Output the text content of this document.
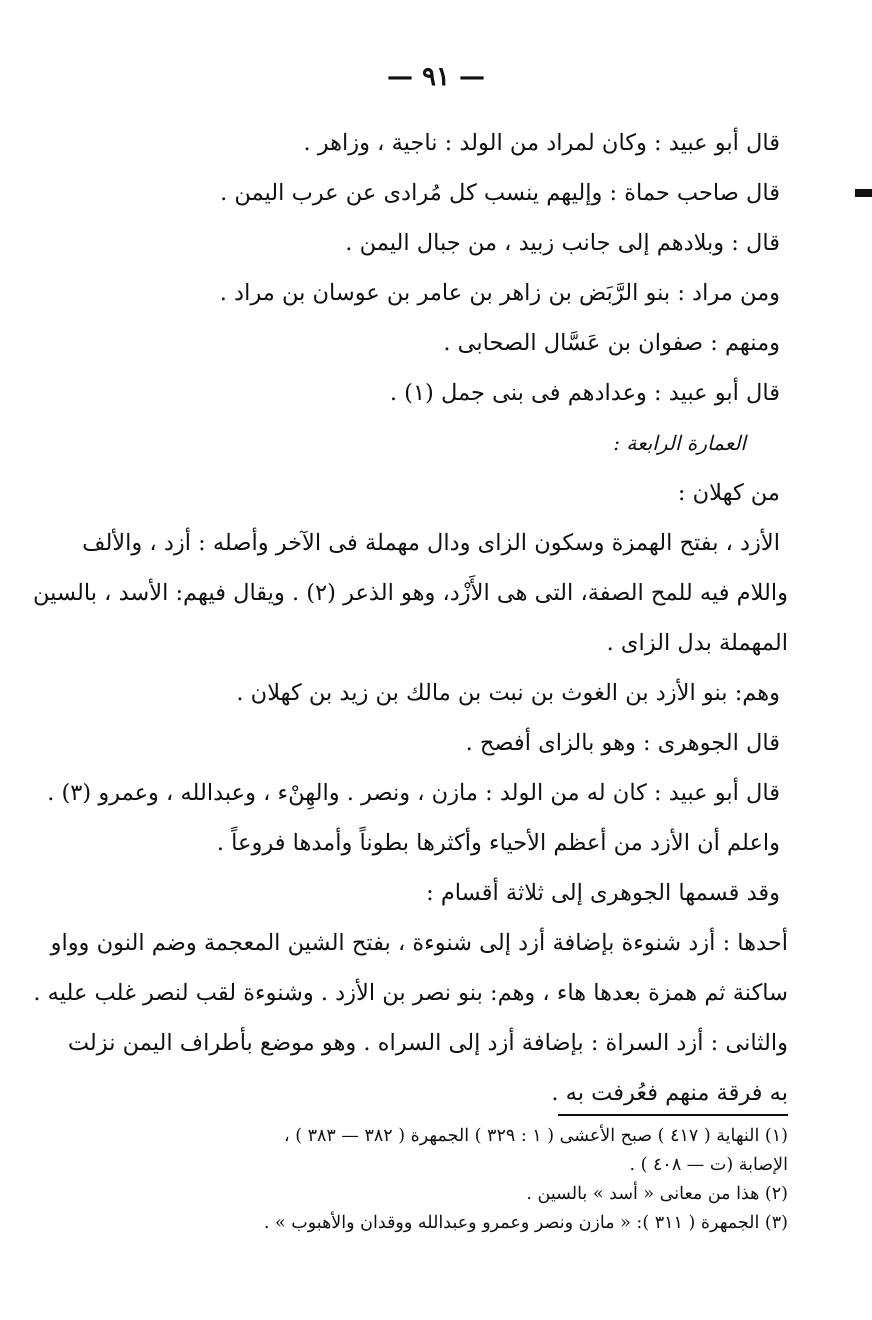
— ٩١ —
قال أبو عبيد : وكان لمراد من الولد : ناجية ، وزاهر .
قال صاحب حماة : وإليهم ينسب كل مُرادى عن عرب اليمن .
قال : وبلادهم إلى جانب زبيد ، من جبال اليمن .
ومن مراد : بنو الرَّبَض بن زاهر بن عامر بن عوسان بن مراد .
ومنهم : صفوان بن عَسَّال الصحابى .
قال أبو عبيد : وعدادهم فى بنى جمل (١) .
العمارة الرابعة :
من كهلان :
الأزد ، بفتح الهمزة وسكون الزاى ودال مهملة فى الآخر وأصله : أزد ، والألف
واللام فيه للمح الصفة، التى هى الأَزْد، وهو الذعر (٢) . ويقال فيهم: الأسد ، بالسين
المهملة بدل الزاى .
وهم: بنو الأزد بن الغوث بن نبت بن مالك بن زيد بن كهلان .
قال الجوهرى : وهو بالزاى أفصح .
قال أبو عبيد : كان له من الولد : مازن ، ونصر . والهِنْء ، وعبدالله ، وعمرو (٣) .
واعلم أن الأزد من أعظم الأحياء وأكثرها بطوناً وأمدها فروعاً .
وقد قسمها الجوهرى إلى ثلاثة أقسام :
أحدها : أزد شنوءة بإضافة أزد إلى شنوءة ، بفتح الشين المعجمة وضم النون وواو
ساكنة ثم همزة بعدها هاء ، وهم: بنو نصر بن الأزد . وشنوءة لقب لنصر غلب عليه .
والثانى : أزد السراة : بإضافة أزد إلى السراه . وهو موضع بأطراف اليمن نزلت
به فرقة منهم فعُرفت به .
(١) النهاية ( ٤١٧ ) صبح الأعشى ( ١ : ٣٢٩ ) الجمهرة ( ٣٨٢ — ٣٨٣ ) ،
الإصابة (ت — ٤٠٨ ) .
(٢) هذا من معانى « أسد » بالسين .
(٣) الجمهرة ( ٣١١ ): « مازن ونصر وعمرو وعبدالله ووقدان والأهبوب » .
